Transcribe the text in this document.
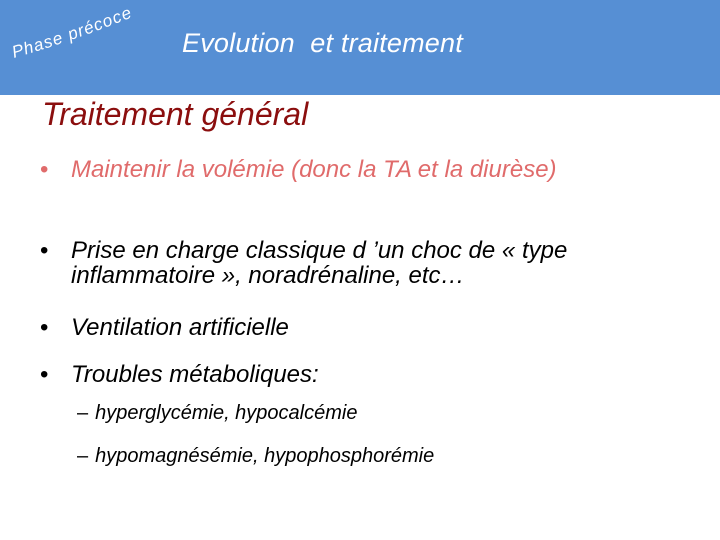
Phase précoce
Evolution  et traitement
Traitement général
• Maintenir la volémie (donc la TA et la diurèse)
• Prise en charge classique d ’un choc de « type inflammatoire », noradrénaline, etc…
• Ventilation artificielle
• Troubles métaboliques:
– hyperglycémie, hypocalcémie
– hypomagnésémie, hypophosphorémie
